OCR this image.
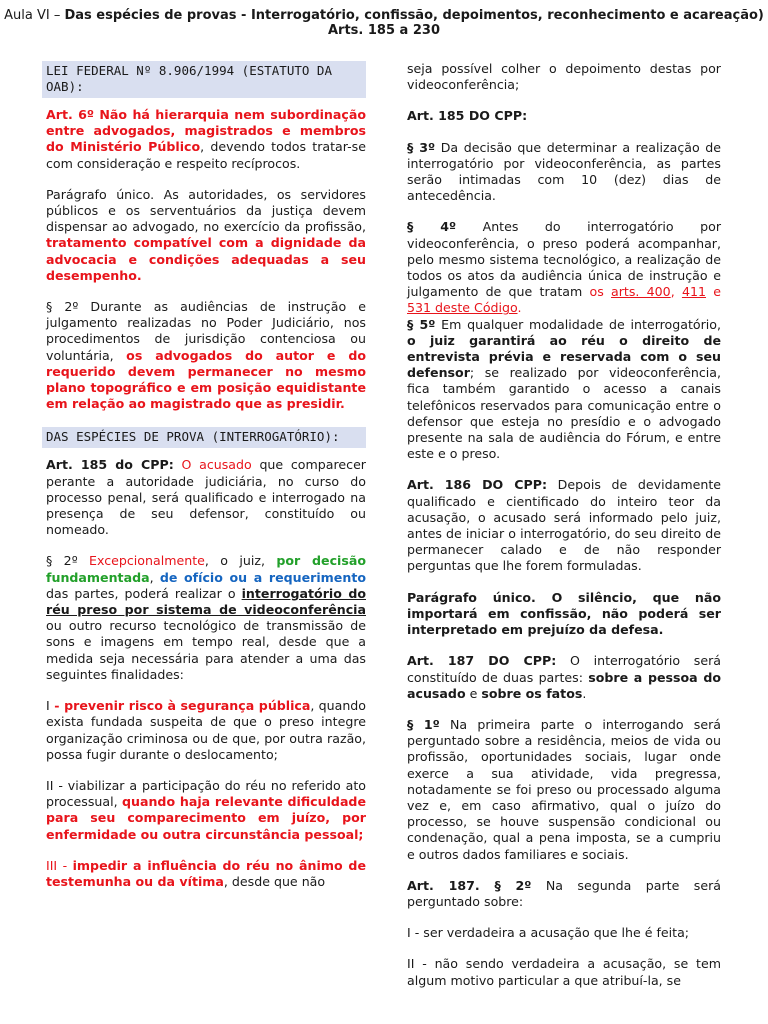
Aula VI – Das espécies de provas - Interrogatório, confissão, depoimentos, reconhecimento e acareação) Arts. 185 a 230
LEI FEDERAL Nº 8.906/1994 (ESTATUTO DA OAB):

Art. 6º Não há hierarquia nem subordinação entre advogados, magistrados e membros do Ministério Público, devendo todos tratar-se com consideração e respeito recíprocos.

Parágrafo único. As autoridades, os servidores públicos e os serventuários da justiça devem dispensar ao advogado, no exercício da profissão, tratamento compatível com a dignidade da advocacia e condições adequadas a seu desempenho.

§ 2º Durante as audiências de instrução e julgamento realizadas no Poder Judiciário, nos procedimentos de jurisdição contenciosa ou voluntária, os advogados do autor e do requerido devem permanecer no mesmo plano topográfico e em posição equidistante em relação ao magistrado que as presidir.

DAS ESPÉCIES DE PROVA (INTERROGATÓRIO):

Art. 185 do CPP: O acusado que comparecer perante a autoridade judiciária, no curso do processo penal, será qualificado e interrogado na presença de seu defensor, constituído ou nomeado.

§ 2º Excepcionalmente, o juiz, por decisão fundamentada, de ofício ou a requerimento das partes, poderá realizar o interrogatório do réu preso por sistema de videoconferência ou outro recurso tecnológico de transmissão de sons e imagens em tempo real, desde que a medida seja necessária para atender a uma das seguintes finalidades:

I - prevenir risco à segurança pública, quando exista fundada suspeita de que o preso integre organização criminosa ou de que, por outra razão, possa fugir durante o deslocamento;

II - viabilizar a participação do réu no referido ato processual, quando haja relevante dificuldade para seu comparecimento em juízo, por enfermidade ou outra circunstância pessoal;

III - impedir a influência do réu no ânimo de testemunha ou da vítima, desde que não

seja possível colher o depoimento destas por videoconferência;

Art. 185 DO CPP:

§ 3º Da decisão que determinar a realização de interrogatório por videoconferência, as partes serão intimadas com 10 (dez) dias de antecedência.

§ 4º Antes do interrogatório por videoconferência, o preso poderá acompanhar, pelo mesmo sistema tecnológico, a realização de todos os atos da audiência única de instrução e julgamento de que tratam os arts. 400, 411 e 531 deste Código.

§ 5º Em qualquer modalidade de interrogatório, o juiz garantirá ao réu o direito de entrevista prévia e reservada com o seu defensor; se realizado por videoconferência, fica também garantido o acesso a canais telefônicos reservados para comunicação entre o defensor que esteja no presídio e o advogado presente na sala de audiência do Fórum, e entre este e o preso.

Art. 186 DO CPP: Depois de devidamente qualificado e cientificado do inteiro teor da acusação, o acusado será informado pelo juiz, antes de iniciar o interrogatório, do seu direito de permanecer calado e de não responder perguntas que lhe forem formuladas.

Parágrafo único. O silêncio, que não importará em confissão, não poderá ser interpretado em prejuízo da defesa.

Art. 187 DO CPP: O interrogatório será constituído de duas partes: sobre a pessoa do acusado e sobre os fatos.

§ 1º Na primeira parte o interrogando será perguntado sobre a residência, meios de vida ou profissão, oportunidades sociais, lugar onde exerce a sua atividade, vida pregressa, notadamente se foi preso ou processado alguma vez e, em caso afirmativo, qual o juízo do processo, se houve suspensão condicional ou condenação, qual a pena imposta, se a cumpriu e outros dados familiares e sociais.

Art. 187. § 2º Na segunda parte será perguntado sobre:

I - ser verdadeira a acusação que lhe é feita;

II - não sendo verdadeira a acusação, se tem algum motivo particular a que atribuí-la, se
